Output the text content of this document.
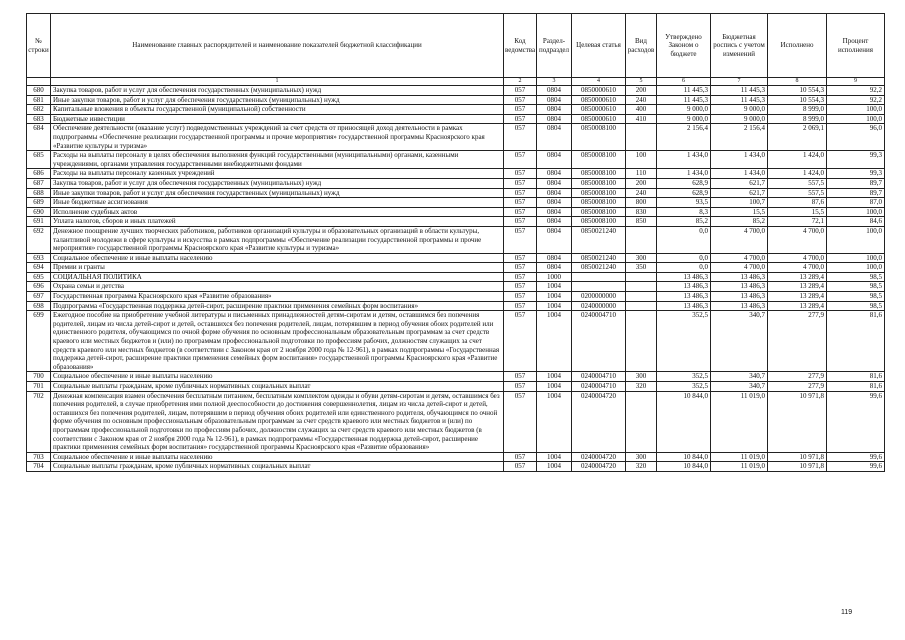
№ строки	Наименование главных распорядителей и наименование показателей бюджетной классификации	Код ведомства	Раздел-подраздел	Целевая статья	Вид расходов	Утверждено Законом о бюджете	Бюджетная роспись с учетом изменений	Исполнено	Процент исполнения
	1	2	3	4	5	6	7	8	9
680	Закупка товаров, работ и услуг для обеспечения государственных (муниципальных) нужд	057	0804	0850000610	200	11 445,3	11 445,3	10 554,3	92,2
681	Иные закупки товаров, работ и услуг для обеспечения государственных (муниципальных) нужд	057	0804	0850000610	240	11 445,3	11 445,3	10 554,3	92,2
682	Капитальные вложения в объекты государственной (муниципальной) собственности	057	0804	0850000610	400	9 000,0	9 000,0	8 999,0	100,0
683	Бюджетные инвестиции	057	0804	0850000610	410	9 000,0	9 000,0	8 999,0	100,0
684	Обеспечение деятельности (оказание услуг) подведомственных учреждений за счет средств от приносящей доход деятельности в рамках подпрограммы «Обеспечение реализации государственной программы и прочие мероприятия» государственной программы Красноярского края «Развитие культуры и туризма»	057	0804	0850008100		2 156,4	2 156,4	2 069,1	96,0
685	Расходы на выплаты персоналу в целях обеспечения выполнения функций государственными (муниципальными) органами, казенными учреждениями, органами управления государственными внебюджетными фондами	057	0804	0850008100	100	1 434,0	1 434,0	1 424,0	99,3
686	Расходы на выплаты персоналу казенных учреждений	057	0804	0850008100	110	1 434,0	1 434,0	1 424,0	99,3
687	Закупка товаров, работ и услуг для обеспечения государственных (муниципальных) нужд	057	0804	0850008100	200	628,9	621,7	557,5	89,7
688	Иные закупки товаров, работ и услуг для обеспечения государственных (муниципальных) нужд	057	0804	0850008100	240	628,9	621,7	557,5	89,7
689	Иные бюджетные ассигнования	057	0804	0850008100	800	93,5	100,7	87,6	87,0
690	Исполнение судебных актов	057	0804	0850008100	830	8,3	15,5	15,5	100,0
691	Уплата налогов, сборов и иных платежей	057	0804	0850008100	850	85,2	85,2	72,1	84,6
692	Денежное поощрение лучших творческих работников, работников организаций культуры и образовательных организаций в области культуры, талантливой молодежи в сфере культуры и искусства в рамках подпрограммы «Обеспечение реализации государственной программы и прочие мероприятия» государственной программы Красноярского края «Развитие культуры и туризма»	057	0804	0850021240		0,0	4 700,0	4 700,0	100,0
693	Социальное обеспечение и иные выплаты населению	057	0804	0850021240	300	0,0	4 700,0	4 700,0	100,0
694	Премии и гранты	057	0804	0850021240	350	0,0	4 700,0	4 700,0	100,0
695	СОЦИАЛЬНАЯ ПОЛИТИКА	057	1000			13 486,3	13 486,3	13 289,4	98,5
696	Охрана семьи и детства	057	1004			13 486,3	13 486,3	13 289,4	98,5
697	Государственная программа Красноярского края «Развитие образования»	057	1004	0200000000		13 486,3	13 486,3	13 289,4	98,5
698	Подпрограмма «Государственная поддержка детей-сирот, расширение практики применения семейных форм воспитания»	057	1004	0240000000		13 486,3	13 486,3	13 289,4	98,5
699	Ежегодное пособие на приобретение учебной литературы и письменных принадлежностей детям-сиротам и детям, оставшимся без попечения родителей, лицам из числа детей-сирот и детей, оставшихся без попечения родителей, лицам, потерявшим в период обучения обоих родителей или единственного родителя, обучающимся по очной форме обучения по основным профессиональным образовательным программам за счет средств краевого или местных бюджетов и (или) по программам профессиональной подготовки по профессиям рабочих, должностям служащих за счет средств краевого или местных бюджетов (в соответствии с Законом края от 2 ноября 2000 года № 12-961), в рамках подпрограммы «Государственная поддержка детей-сирот, расширение практики применения семейных форм воспитания» государственной программы Красноярского края «Развитие образования»	057	1004	0240004710		352,5	340,7	277,9	81,6
700	Социальное обеспечение и иные выплаты населению	057	1004	0240004710	300	352,5	340,7	277,9	81,6
701	Социальные выплаты гражданам, кроме публичных нормативных социальных выплат	057	1004	0240004710	320	352,5	340,7	277,9	81,6
702	Денежная компенсация взамен обеспечения бесплатным питанием, бесплатным комплектом одежды и обуви детям-сиротам и детям, оставшимся без попечения родителей, в случае приобретения ими полной дееспособности до достижения совершеннолетия, лицам из числа детей-сирот и детей, оставшихся без попечения родителей, лицам, потерявшим в период обучения обоих родителей или единственного родителя, обучающимся по очной форме обучения по основным профессиональным образовательным программам за счет средств краевого или местных бюджетов и (или) по программам профессиональной подготовки по профессиям рабочих, должностям служащих за счет средств краевого или местных бюджетов (в соответствии с Законом края от 2 ноября 2000 года № 12-961), в рамках подпрограммы «Государственная поддержка детей-сирот, расширение практики применения семейных форм воспитания» государственной программы Красноярского края «Развитие образования»	057	1004	0240004720		10 844,0	11 019,0	10 971,8	99,6
703	Социальное обеспечение и иные выплаты населению	057	1004	0240004720	300	10 844,0	11 019,0	10 971,8	99,6
704	Социальные выплаты гражданам, кроме публичных нормативных социальных выплат	057	1004	0240004720	320	10 844,0	11 019,0	10 971,8	99,6
119
